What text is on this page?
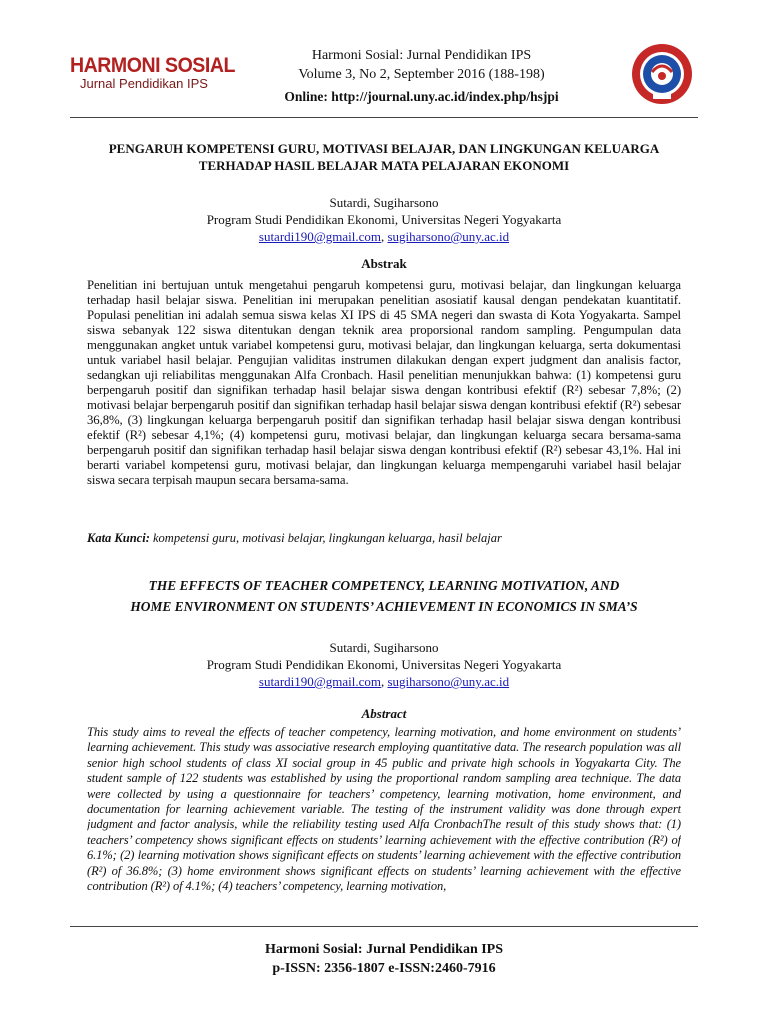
HARMONI SOSIAL
Jurnal Pendidikan IPS
Harmoni Sosial: Jurnal Pendidikan IPS
Volume 3, No 2, September 2016 (188-198)
Online: http://journal.uny.ac.id/index.php/hsjpi
PENGARUH KOMPETENSI GURU, MOTIVASI BELAJAR, DAN LINGKUNGAN KELUARGA TERHADAP HASIL BELAJAR MATA PELAJARAN EKONOMI
Sutardi, Sugiharsono
Program Studi Pendidikan Ekonomi, Universitas Negeri Yogyakarta
sutardi190@gmail.com, sugiharsono@uny.ac.id
Abstrak
Penelitian ini bertujuan untuk mengetahui pengaruh kompetensi guru, motivasi belajar, dan lingkungan keluarga terhadap hasil belajar siswa. Penelitian ini merupakan penelitian asosiatif kausal dengan pendekatan kuantitatif. Populasi penelitian ini adalah semua siswa kelas XI IPS di 45 SMA negeri dan swasta di Kota Yogyakarta. Sampel siswa sebanyak 122 siswa ditentukan dengan teknik area proporsional random sampling. Pengumpulan data menggunakan angket untuk variabel kompetensi guru, motivasi belajar, dan lingkungan keluarga, serta dokumentasi untuk variabel hasil belajar. Pengujian validitas instrumen dilakukan dengan expert judgment dan analisis factor, sedangkan uji reliabilitas menggunakan Alfa Cronbach. Hasil penelitian menunjukkan bahwa: (1) kompetensi guru berpengaruh positif dan signifikan terhadap hasil belajar siswa dengan kontribusi efektif (R²) sebesar 7,8%; (2) motivasi belajar berpengaruh positif dan signifikan terhadap hasil belajar siswa dengan kontribusi efektif (R²) sebesar 36,8%, (3) lingkungan keluarga berpengaruh positif dan signifikan terhadap hasil belajar siswa dengan kontribusi efektif (R²) sebesar 4,1%; (4) kompetensi guru, motivasi belajar, dan lingkungan keluarga secara bersama-sama berpengaruh positif dan signifikan terhadap hasil belajar siswa dengan kontribusi efektif (R²) sebesar 43,1%. Hal ini berarti variabel kompetensi guru, motivasi belajar, dan lingkungan keluarga mempengaruhi variabel hasil belajar siswa secara terpisah maupun secara bersama-sama.
Kata Kunci: kompetensi guru, motivasi belajar, lingkungan keluarga, hasil belajar
THE EFFECTS OF TEACHER COMPETENCY, LEARNING MOTIVATION, AND
HOME ENVIRONMENT ON STUDENTS’ ACHIEVEMENT IN ECONOMICS IN SMA’S
Sutardi, Sugiharsono
Program Studi Pendidikan Ekonomi, Universitas Negeri Yogyakarta
sutardi190@gmail.com, sugiharsono@uny.ac.id
Abstract
This study aims to reveal the effects of teacher competency, learning motivation, and home environment on students’ learning achievement. This study was associative research employing quantitative data. The research population was all senior high school students of class XI social group in 45 public and private high schools in Yogyakarta City. The student sample of 122 students was established by using the proportional random sampling area technique. The data were collected by using a questionnaire for teachers’ competency, learning motivation, home environment, and documentation for learning achievement variable. The testing of the instrument validity was done through expert judgment and factor analysis, while the reliability testing used Alfa CronbachThe result of this study shows that: (1) teachers’ competency shows significant effects on students’ learning achievement with the effective contribution (R²) of 6.1%; (2) learning motivation shows significant effects on students’ learning achievement with the effective contribution (R²) of 36.8%; (3) home environment shows significant effects on students’ learning achievement with the effective contribution (R²) of 4.1%; (4) teachers’ competency, learning motivation,
Harmoni Sosial: Jurnal Pendidikan IPS
p-ISSN: 2356-1807 e-ISSN:2460-7916
